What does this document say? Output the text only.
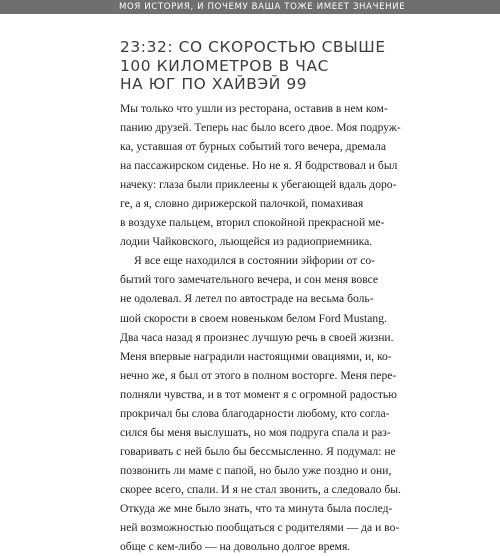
МОЯ ИСТОРИЯ, И ПОЧЕМУ ВАША ТОЖЕ ИМЕЕТ ЗНАЧЕНИЕ
23:32: СО СКОРОСТЬЮ СВЫШЕ
100 КИЛОМЕТРОВ В ЧАС
НА ЮГ ПО ХАЙВЭЙ 99

Мы только что ушли из ресторана, оставив в нем ком-
панию друзей. Теперь нас было всего двое. Моя подруж-
ка, уставшая от бурных событий того вечера, дремала
на пассажирском сиденье. Но не я. Я бодрствовал и был
начеку: глаза были приклеены к убегающей вдаль доро-
ге, а я, словно дирижерской палочкой, помахивая
в воздухе пальцем, вторил спокойной прекрасной ме-
лодии Чайковского, льющейся из радиоприемника.

Я все еще находился в состоянии эйфории от со-
бытий того замечательного вечера, и сон меня вовсе
не одолевал. Я летел по автострадe на весьма боль-
шой скорости в своем новеньком белом Ford Mustang.
Два часа назад я произнес лучшую речь в своей жизни.
Меня впервые наградили настоящими овациями, и, ко-
нечно же, я был от этого в полном восторге. Меня пере-
полняли чувства, и в тот момент я с огромной радостью
прокричал бы слова благодарности любому, кто согла-
сился бы меня выслушать, но моя подруга спала и раз-
говаривать с ней было бы бессмысленно. Я подумал: не
позвонить ли маме с папой, но было уже поздно и они,
скорее всего, спали. И я не стал звонить, а следовало бы.
Откуда же мне было знать, что та минута была послед-
ней возможностью пообщаться с родителями — да и во-
обще с кем-либо — на довольно долгое время.
